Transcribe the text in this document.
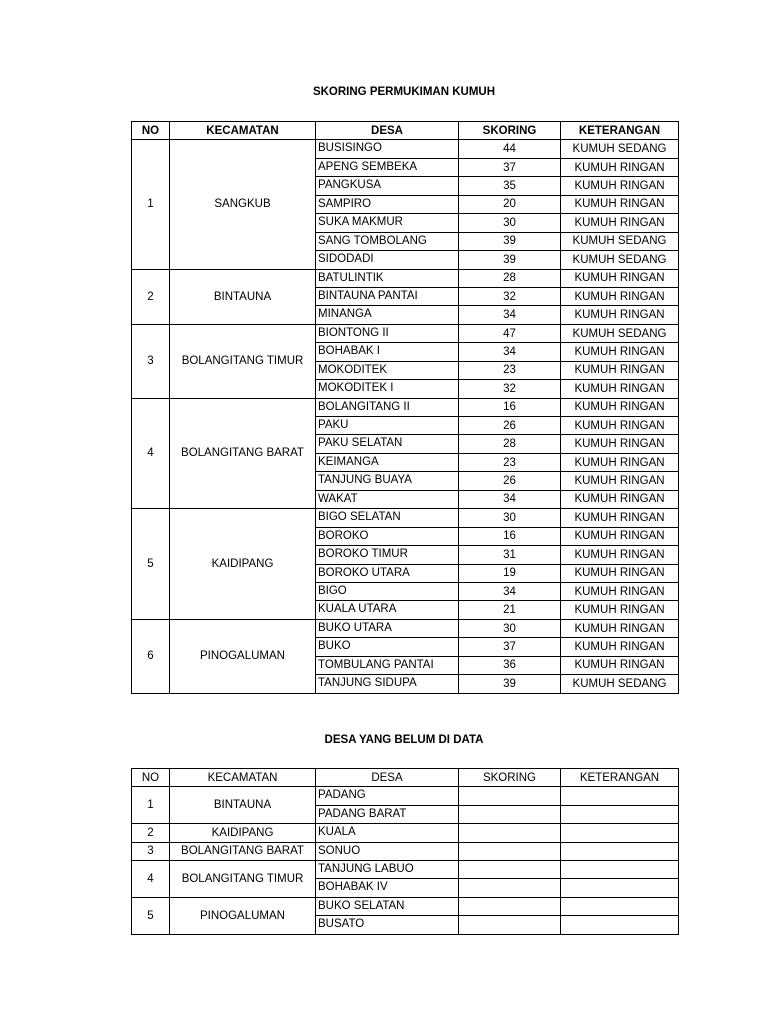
SKORING PERMUKIMAN KUMUH
NO	KECAMATAN	DESA	SKORING	KETERANGAN
1	SANGKUB	BUSISINGO	44	KUMUH SEDANG
		APENG SEMBEKA	37	KUMUH RINGAN
		PANGKUSA	35	KUMUH RINGAN
		SAMPIRO	20	KUMUH RINGAN
		SUKA MAKMUR	30	KUMUH RINGAN
		SANG TOMBOLANG	39	KUMUH SEDANG
		SIDODADI	39	KUMUH SEDANG
2	BINTAUNA	BATULINTIK	28	KUMUH RINGAN
		BINTAUNA PANTAI	32	KUMUH RINGAN
		MINANGA	34	KUMUH RINGAN
3	BOLANGITANG TIMUR	BIONTONG II	47	KUMUH SEDANG
		BOHABAK I	34	KUMUH RINGAN
		MOKODITEK	23	KUMUH RINGAN
		MOKODITEK I	32	KUMUH RINGAN
4	BOLANGITANG BARAT	BOLANGITANG II	16	KUMUH RINGAN
		PAKU	26	KUMUH RINGAN
		PAKU SELATAN	28	KUMUH RINGAN
		KEIMANGA	23	KUMUH RINGAN
		TANJUNG BUAYA	26	KUMUH RINGAN
		WAKAT	34	KUMUH RINGAN
5	KAIDIPANG	BIGO SELATAN	30	KUMUH RINGAN
		BOROKO	16	KUMUH RINGAN
		BOROKO TIMUR	31	KUMUH RINGAN
		BOROKO UTARA	19	KUMUH RINGAN
		BIGO	34	KUMUH RINGAN
		KUALA UTARA	21	KUMUH RINGAN
6	PINOGALUMAN	BUKO UTARA	30	KUMUH RINGAN
		BUKO	37	KUMUH RINGAN
		TOMBULANG PANTAI	36	KUMUH RINGAN
		TANJUNG SIDUPA	39	KUMUH SEDANG
DESA YANG BELUM DI DATA
NO	KECAMATAN	DESA	SKORING	KETERANGAN
1	BINTAUNA	PADANG		
		PADANG BARAT		
2	KAIDIPANG	KUALA		
3	BOLANGITANG BARAT	SONUO		
4	BOLANGITANG TIMUR	TANJUNG LABUO		
		BOHABAK IV		
5	PINOGALUMAN	BUKO SELATAN		
		BUSATO		
